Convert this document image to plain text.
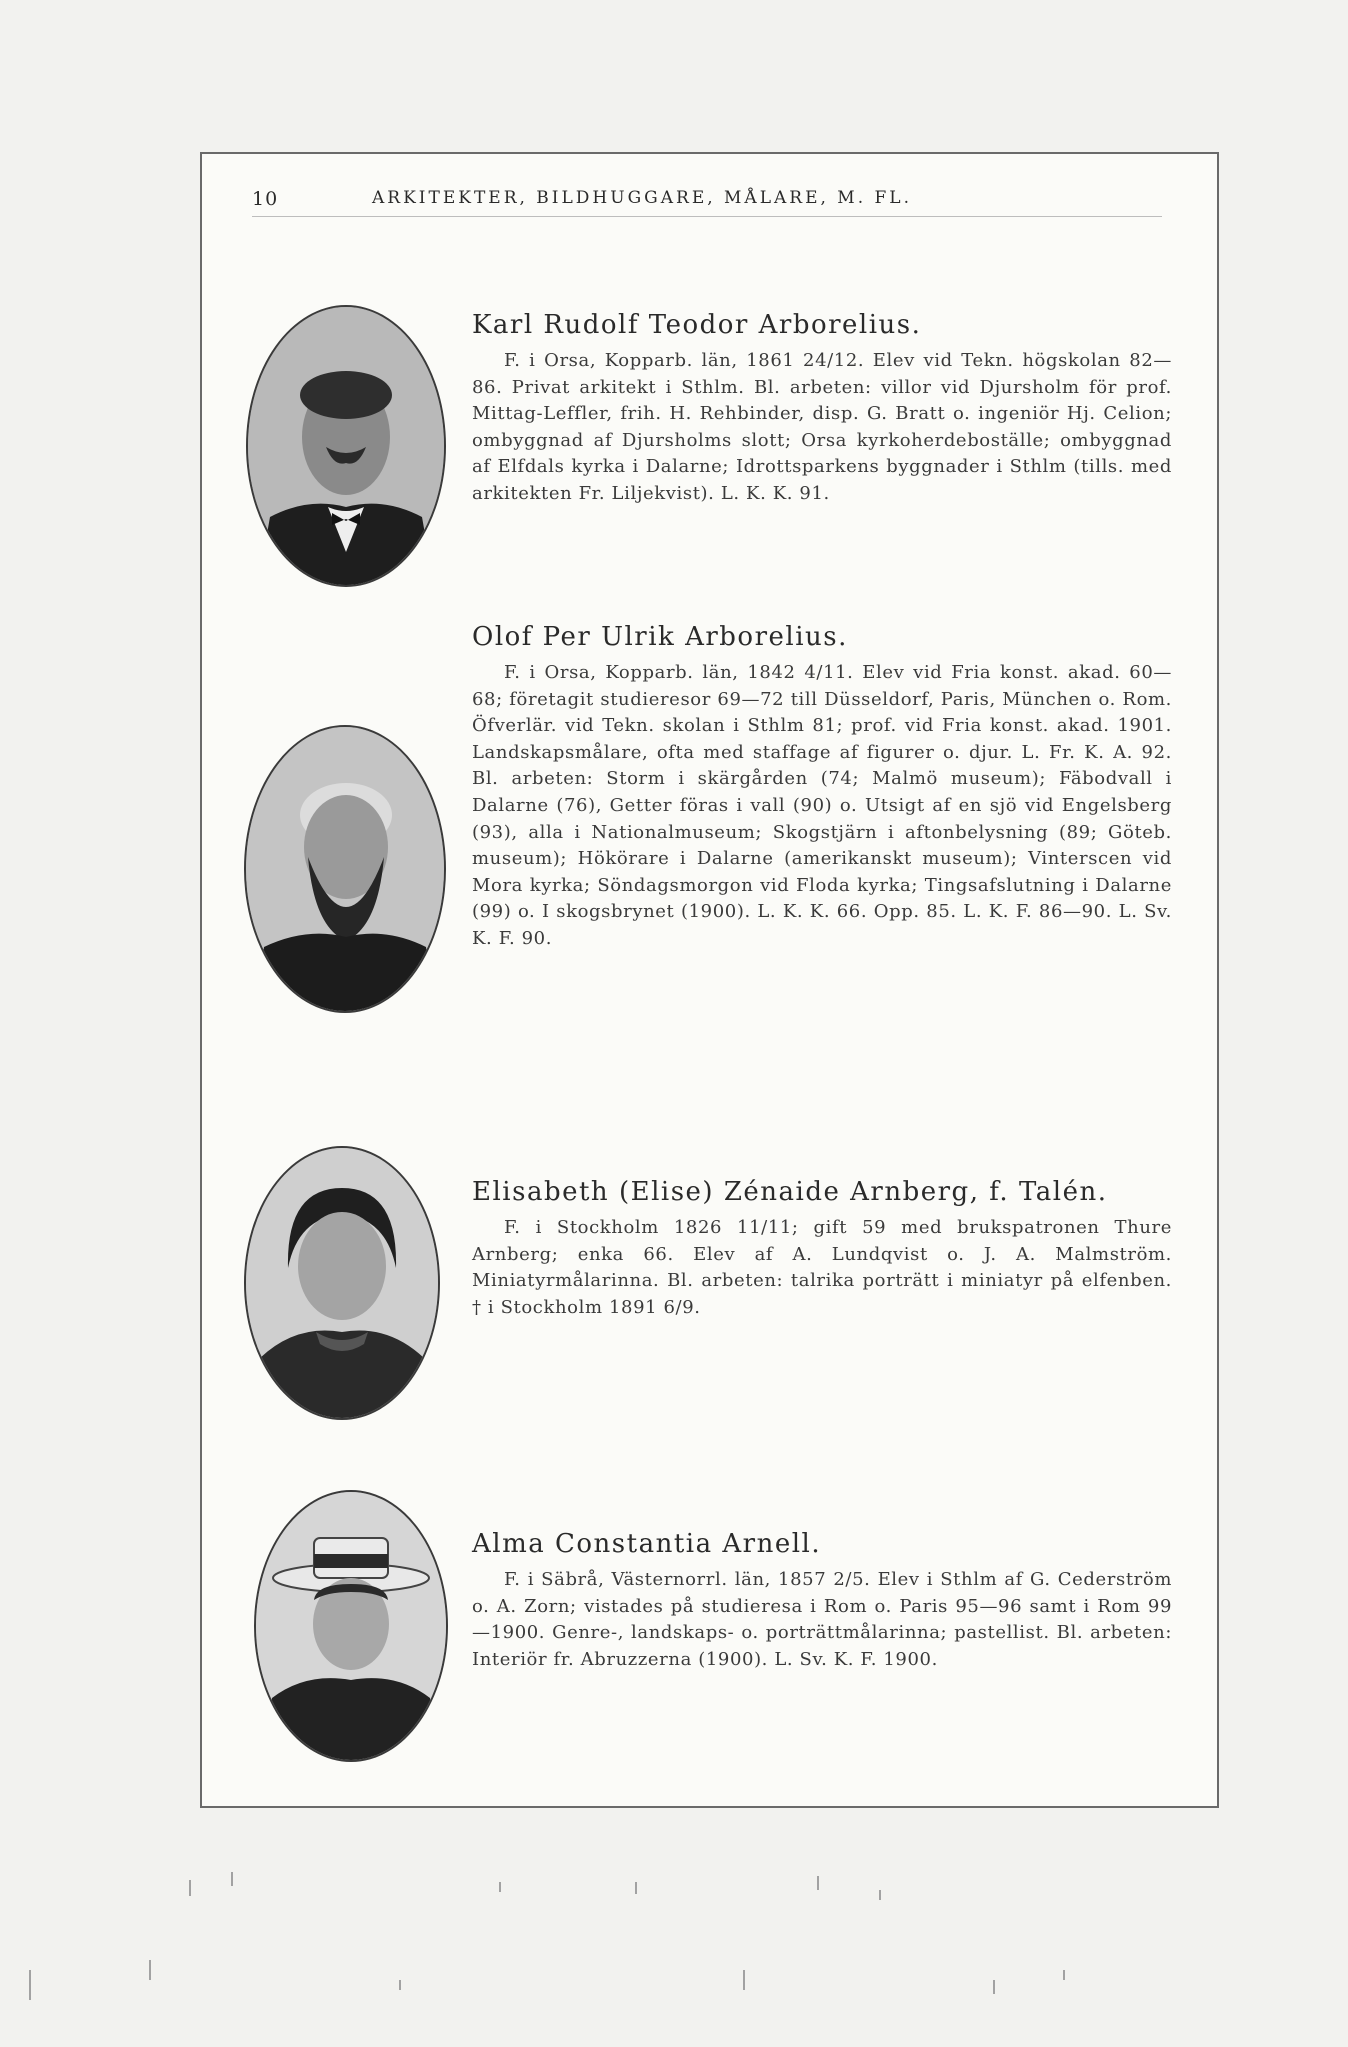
10	ARKITEKTER, BILDHUGGARE, MÅLARE, M. FL.
Karl Rudolf Teodor Arborelius.

F. i Orsa, Kopparb. län, 1861 24/12. Elev vid Tekn. högskolan 82—86. Privat arkitekt i Sthlm. Bl. arbeten: villor vid Djursholm för prof. Mittag-Leffler, frih. H. Rehbinder, disp. G. Bratt o. ingeniör Hj. Celion; ombyggnad af Djursholms slott; Orsa kyrkoherdeboställe; ombyggnad af Elfdals kyrka i Dalarne; Idrottsparkens byggnader i Sthlm (tills. med arkitekten Fr. Liljekvist). L. K. K. 91.

Olof Per Ulrik Arborelius.

F. i Orsa, Kopparb. län, 1842 4/11. Elev vid Fria konst. akad. 60—68; företagit studieresor 69—72 till Düsseldorf, Paris, München o. Rom. Öfverlär. vid Tekn. skolan i Sthlm 81; prof. vid Fria konst. akad. 1901. Landskapsmålare, ofta med staffage af figurer o. djur. L. Fr. K. A. 92. Bl. arbeten: Storm i skärgården (74; Malmö museum); Fäbodvall i Dalarne (76), Getter föras i vall (90) o. Utsigt af en sjö vid Engelsberg (93), alla i Nationalmuseum; Skogstjärn i aftonbelysning (89; Göteb. museum); Hökörare i Dalarne (amerikanskt museum); Vinterscen vid Mora kyrka; Söndagsmorgon vid Floda kyrka; Tingsafslutning i Dalarne (99) o. I skogsbrynet (1900). L. K. K. 66. Opp. 85. L. K. F. 86—90. L. Sv. K. F. 90.

Elisabeth (Elise) Zénaide Arnberg, f. Talén.

F. i Stockholm 1826 11/11; gift 59 med brukspatronen Thure Arnberg; enka 66. Elev af A. Lundqvist o. J. A. Malmström. Miniatyrmålarinna. Bl. arbeten: talrika porträtt i miniatyr på elfenben. † i Stockholm 1891 6/9.

Alma Constantia Arnell.

F. i Säbrå, Västernorrl. län, 1857 2/5. Elev i Sthlm af G. Cederström o. A. Zorn; vistades på studieresa i Rom o. Paris 95—96 samt i Rom 99—1900. Genre-, landskaps- o. porträttmålarinna; pastellist. Bl. arbeten: Interiör fr. Abruzzerna (1900). L. Sv. K. F. 1900.
